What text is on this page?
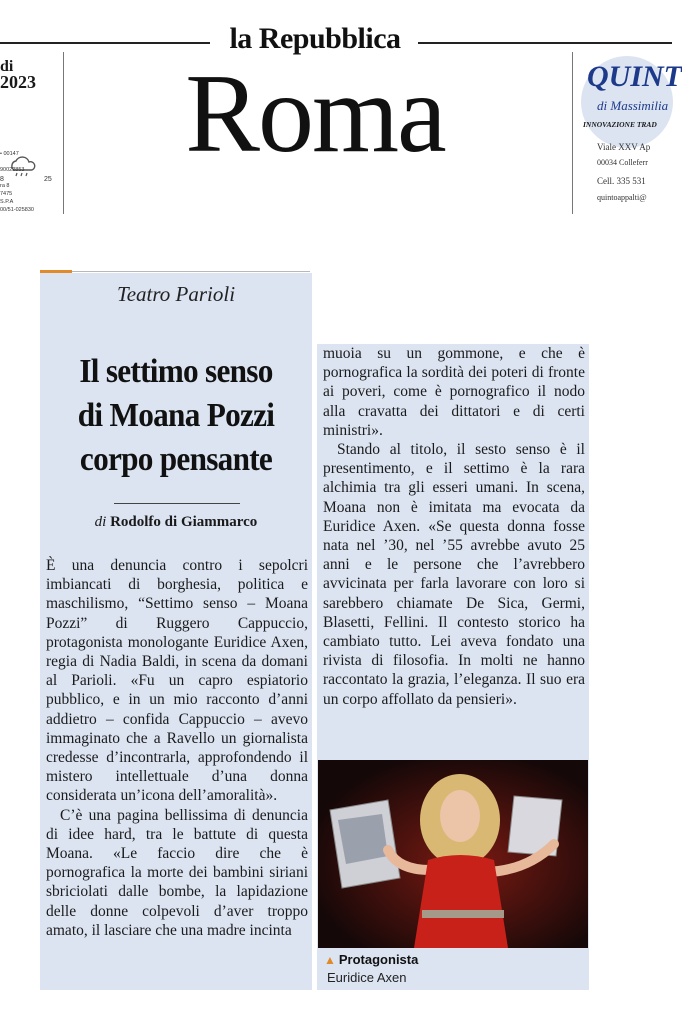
la Repubblica
Roma
di
2023
8	25
• 00147
90022853
ra 8
7475
S.P.A
00/51-025830
QUINT
di Massimilia
INNOVAZIONE TRAD
Viale XXV Ap
00034 Colleferr
Cell. 335 531
quintoappalti@
Teatro Parioli
Il settimo senso
di Moana Pozzi
corpo pensante
di Rodolfo di Giammarco

È una denuncia contro i sepolcri imbiancati di borghesia, politica e maschilismo, “Settimo senso – Moana Pozzi” di Ruggero Cappuccio, protagonista monologante Euridice Axen, regia di Nadia Baldi, in scena da domani al Parioli. «Fu un capro espiatorio pubblico, e in un mio racconto d’anni addietro – confida Cappuccio – avevo immaginato che a Ravello un giornalista credesse d’incontrarla, approfondendo il mistero intellettuale d’una donna considerata un’icona dell’amoralità».

C’è una pagina bellissima di denuncia di idee hard, tra le battute di questa Moana. «Le faccio dire che è pornografica la morte dei bambini siriani sbriciolati dalle bombe, la lapidazione delle donne colpevoli d’aver troppo amato, il lasciare che una madre incinta

muoia su un gommone, e che è pornografica la sordità dei poteri di fronte ai poveri, come è pornografico il nodo alla cravatta dei dittatori e di certi ministri».

Stando al titolo, il sesto senso è il presentimento, e il settimo è la rara alchimia tra gli esseri umani. In scena, Moana non è imitata ma evocata da Euridice Axen. «Se questa donna fosse nata nel ’30, nel ’55 avrebbe avuto 25 anni e le persone che l’avrebbero avvicinata per farla lavorare con loro si sarebbero chiamate De Sica, Germi, Blasetti, Fellini. Il contesto storico ha cambiato tutto. Lei aveva fondato una rivista di filosofia. In molti ne hanno raccontato la grazia, l’eleganza. Il suo era un corpo affollato da pensieri».

▲ Protagonista
Euridice Axen
